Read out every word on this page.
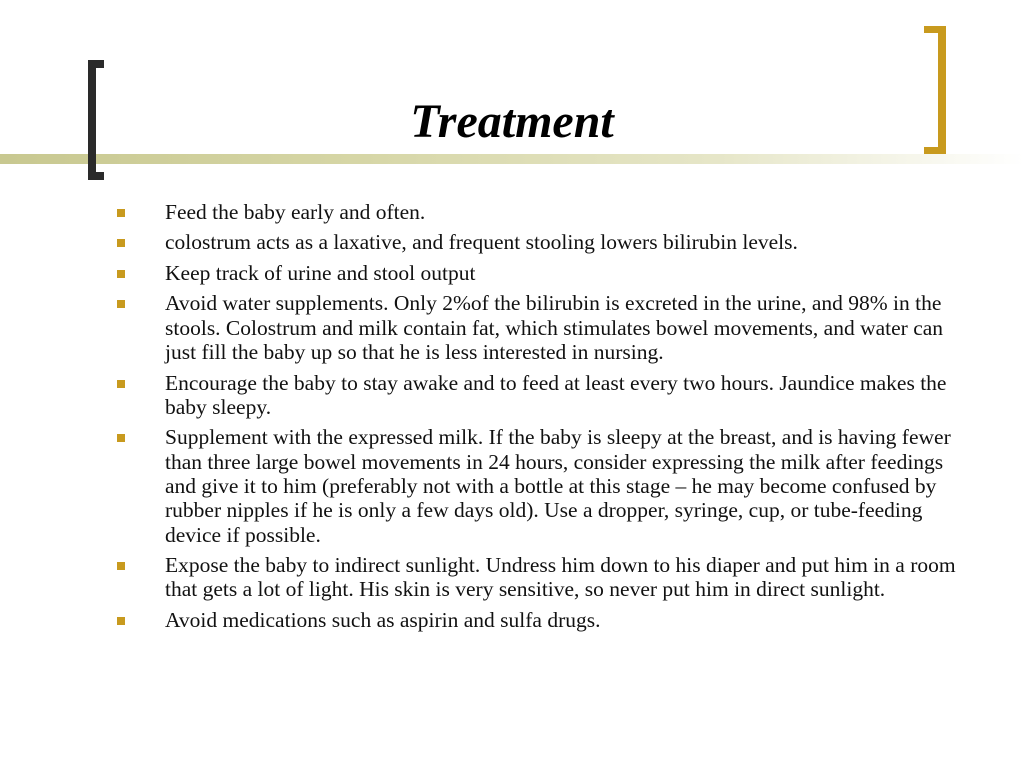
Treatment
Feed the baby early and often.
colostrum acts as a laxative, and frequent stooling lowers bilirubin levels.
Keep track of urine and stool output
Avoid water supplements. Only 2%of the bilirubin is excreted in the urine, and 98% in the stools. Colostrum and milk contain fat, which stimulates bowel movements, and water can just fill the baby up so that he is less interested in nursing.
Encourage the baby to stay awake and to feed at least every two hours. Jaundice makes the baby sleepy.
Supplement with the expressed milk. If the baby is sleepy at the breast, and is having fewer than three large bowel movements in 24 hours, consider expressing the milk after feedings and give it to him (preferably not with a bottle at this stage – he may become confused by rubber nipples if he is only a few days old). Use a dropper, syringe, cup, or tube-feeding device if possible.
Expose the baby to indirect sunlight. Undress him down to his diaper and put him in a room that gets a lot of light. His skin is very sensitive, so never put him in direct sunlight.
Avoid medications such as aspirin and sulfa drugs.
